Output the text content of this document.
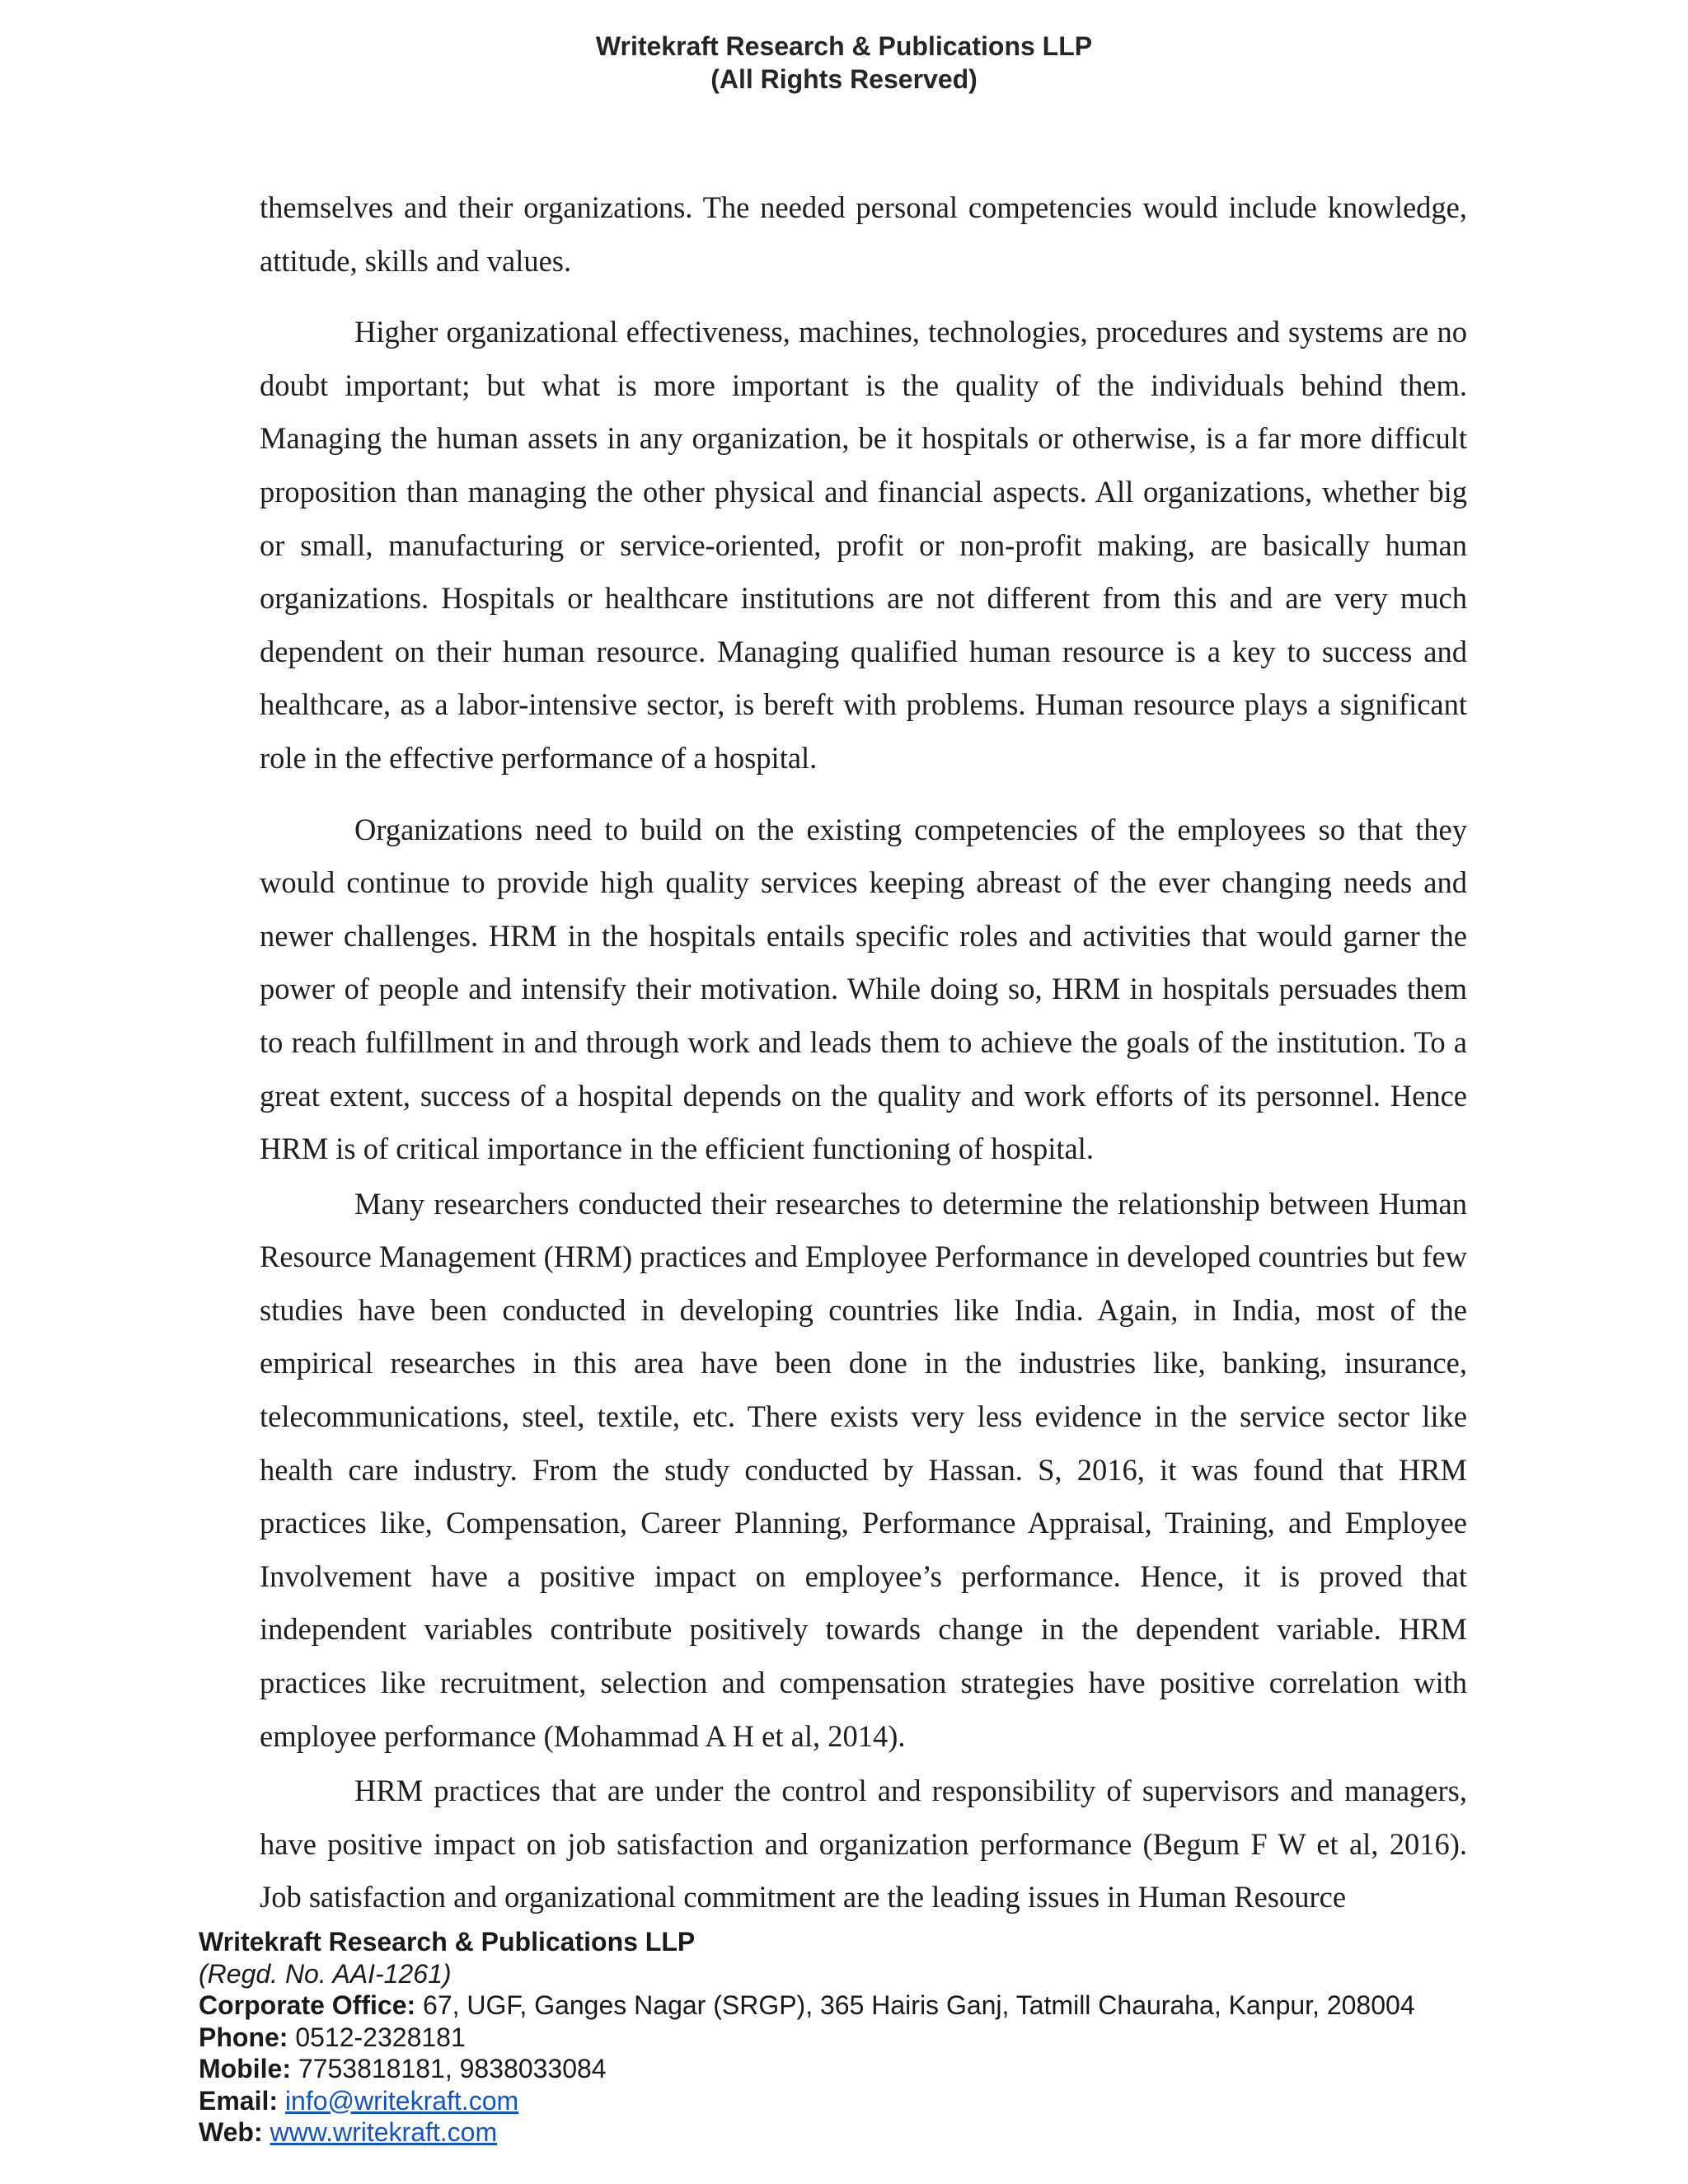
Writekraft Research & Publications LLP
(All Rights Reserved)

themselves and their organizations. The needed personal competencies would include knowledge, attitude, skills and values.

Higher organizational effectiveness, machines, technologies, procedures and systems are no doubt important; but what is more important is the quality of the individuals behind them. Managing the human assets in any organization, be it hospitals or otherwise, is a far more difficult proposition than managing the other physical and financial aspects. All organizations, whether big or small, manufacturing or service-oriented, profit or non-profit making, are basically human organizations. Hospitals or healthcare institutions are not different from this and are very much dependent on their human resource. Managing qualified human resource is a key to success and healthcare, as a labor-intensive sector, is bereft with problems. Human resource plays a significant role in the effective performance of a hospital.

Organizations need to build on the existing competencies of the employees so that they would continue to provide high quality services keeping abreast of the ever changing needs and newer challenges. HRM in the hospitals entails specific roles and activities that would garner the power of people and intensify their motivation. While doing so, HRM in hospitals persuades them to reach fulfillment in and through work and leads them to achieve the goals of the institution. To a great extent, success of a hospital depends on the quality and work efforts of its personnel. Hence HRM is of critical importance in the efficient functioning of hospital.

Many researchers conducted their researches to determine the relationship between Human Resource Management (HRM) practices and Employee Performance in developed countries but few studies have been conducted in developing countries like India. Again, in India, most of the empirical researches in this area have been done in the industries like, banking, insurance, telecommunications, steel, textile, etc. There exists very less evidence in the service sector like health care industry. From the study conducted by Hassan. S, 2016, it was found that HRM practices like, Compensation, Career Planning, Performance Appraisal, Training, and Employee Involvement have a positive impact on employee’s performance. Hence, it is proved that independent variables contribute positively towards change in the dependent variable. HRM practices like recruitment, selection and compensation strategies have positive correlation with employee performance (Mohammad A H et al, 2014).

HRM practices that are under the control and responsibility of supervisors and managers, have positive impact on job satisfaction and organization performance (Begum F W et al, 2016). Job satisfaction and organizational commitment are the leading issues in Human Resource

Writekraft Research & Publications LLP
(Regd. No. AAI-1261)
Corporate Office: 67, UGF, Ganges Nagar (SRGP), 365 Hairis Ganj, Tatmill Chauraha, Kanpur, 208004
Phone: 0512-2328181
Mobile: 7753818181, 9838033084
Email: info@writekraft.com
Web: www.writekraft.com
